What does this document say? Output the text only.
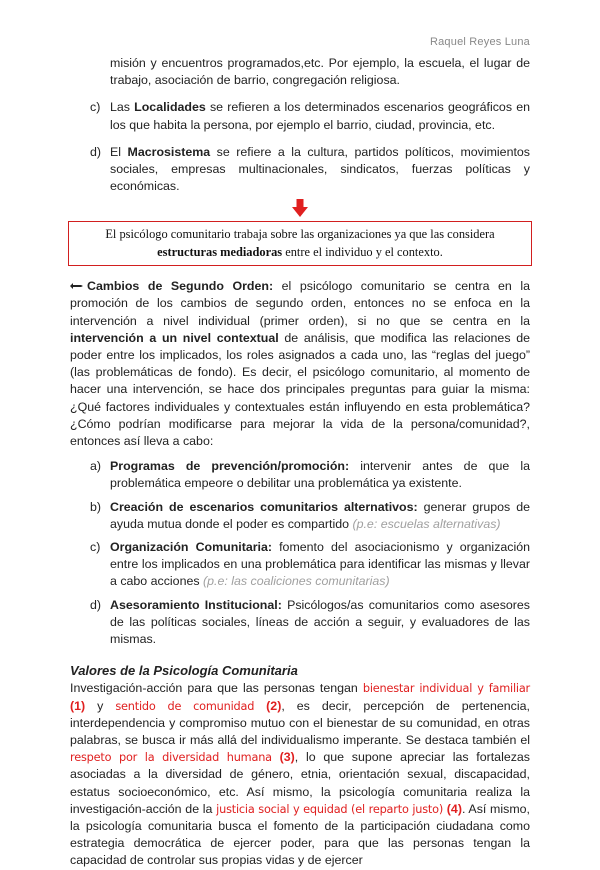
Raquel Reyes Luna

misión y encuentros programados,etc. Por ejemplo, la escuela, el lugar de trabajo, asociación de barrio, congregación religiosa.

c) Las Localidades se refieren a los determinados escenarios geográficos en los que habita la persona, por ejemplo el barrio, ciudad, provincia, etc.
d) El Macrosistema se refiere a la cultura, partidos políticos, movimientos sociales, empresas multinacionales, sindicatos, fuerzas políticas y económicas.
El psicólogo comunitario trabaja sobre las organizaciones ya que las considera estructuras mediadoras entre el individuo y el contexto.

Cambios de Segundo Orden: el psicólogo comunitario se centra en la promoción de los cambios de segundo orden, entonces no se enfoca en la intervención a nivel individual (primer orden), si no que se centra en la intervención a un nivel contextual de análisis, que modifica las relaciones de poder entre los implicados, los roles asignados a cada uno, las “reglas del juego” (las problemáticas de fondo). Es decir, el psicólogo comunitario, al momento de hacer una intervención, se hace dos principales preguntas para guiar la misma: ¿Qué factores individuales y contextuales están influyendo en esta problemática? ¿Cómo podrían modificarse para mejorar la vida de la persona/comunidad?, entonces así lleva a cabo:

a) Programas de prevención/promoción: intervenir antes de que la problemática empeore o debilitar una problemática ya existente.
b) Creación de escenarios comunitarios alternativos: generar grupos de ayuda mutua donde el poder es compartido (p.e: escuelas alternativas)
c) Organización Comunitaria: fomento del asociacionismo y organización entre los implicados en una problemática para identificar las mismas y llevar a cabo acciones (p.e: las coaliciones comunitarias)
d) Asesoramiento Institucional: Psicólogos/as comunitarios como asesores de las políticas sociales, líneas de acción a seguir, y evaluadores de las mismas.
Valores de la Psicología Comunitaria

Investigación-acción para que las personas tengan bienestar individual y familiar (1) y sentido de comunidad (2), es decir, percepción de pertenencia, interdependencia y compromiso mutuo con el bienestar de su comunidad, en otras palabras, se busca ir más allá del individualismo imperante. Se destaca también el respeto por la diversidad humana (3), lo que supone apreciar las fortalezas asociadas a la diversidad de género, etnia, orientación sexual, discapacidad, estatus socioeconómico, etc. Así mismo, la psicología comunitaria realiza la investigación-acción de la justicia social y equidad (el reparto justo) (4). Así mismo, la psicología comunitaria busca el fomento de la participación ciudadana como estrategia democrática de ejercer poder, para que las personas tengan la capacidad de controlar sus propias vidas y de ejercer
